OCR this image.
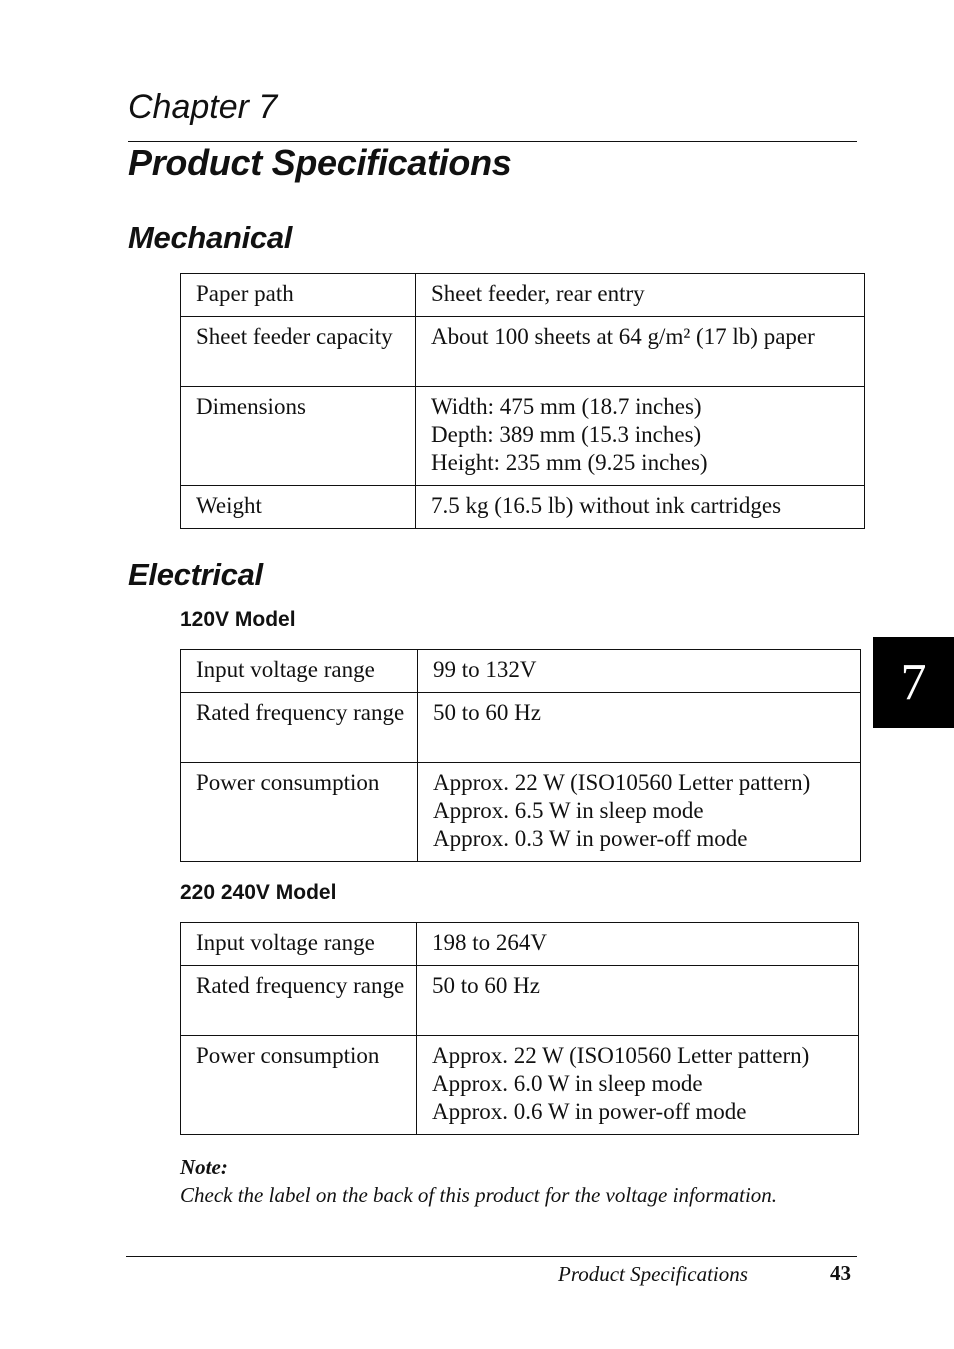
Chapter 7
Product Specifications
Mechanical
Paper path	Sheet feeder, rear entry
Sheet feeder capacity	About 100 sheets at 64 g/m² (17 lb) paper
Dimensions	Width: 475 mm (18.7 inches)
Depth: 389 mm (15.3 inches)
Height: 235 mm (9.25 inches)

Weight	7.5 kg (16.5 lb) without ink cartridges
Electrical
120V Model
Input voltage range	99 to 132V
Rated frequency range	50 to 60 Hz
Power consumption	Approx. 22 W (ISO10560 Letter pattern)
Approx. 6.5 W in sleep mode
Approx. 0.3 W in power-off mode
220 240V Model
Input voltage range	198 to 264V
Rated frequency range	50 to 60 Hz
Power consumption	Approx. 22 W (ISO10560 Letter pattern)
Approx. 6.0 W in sleep mode
Approx. 0.6 W in power-off mode
Note:
Check the label on the back of this product for the voltage information.
7
Product Specifications	43
